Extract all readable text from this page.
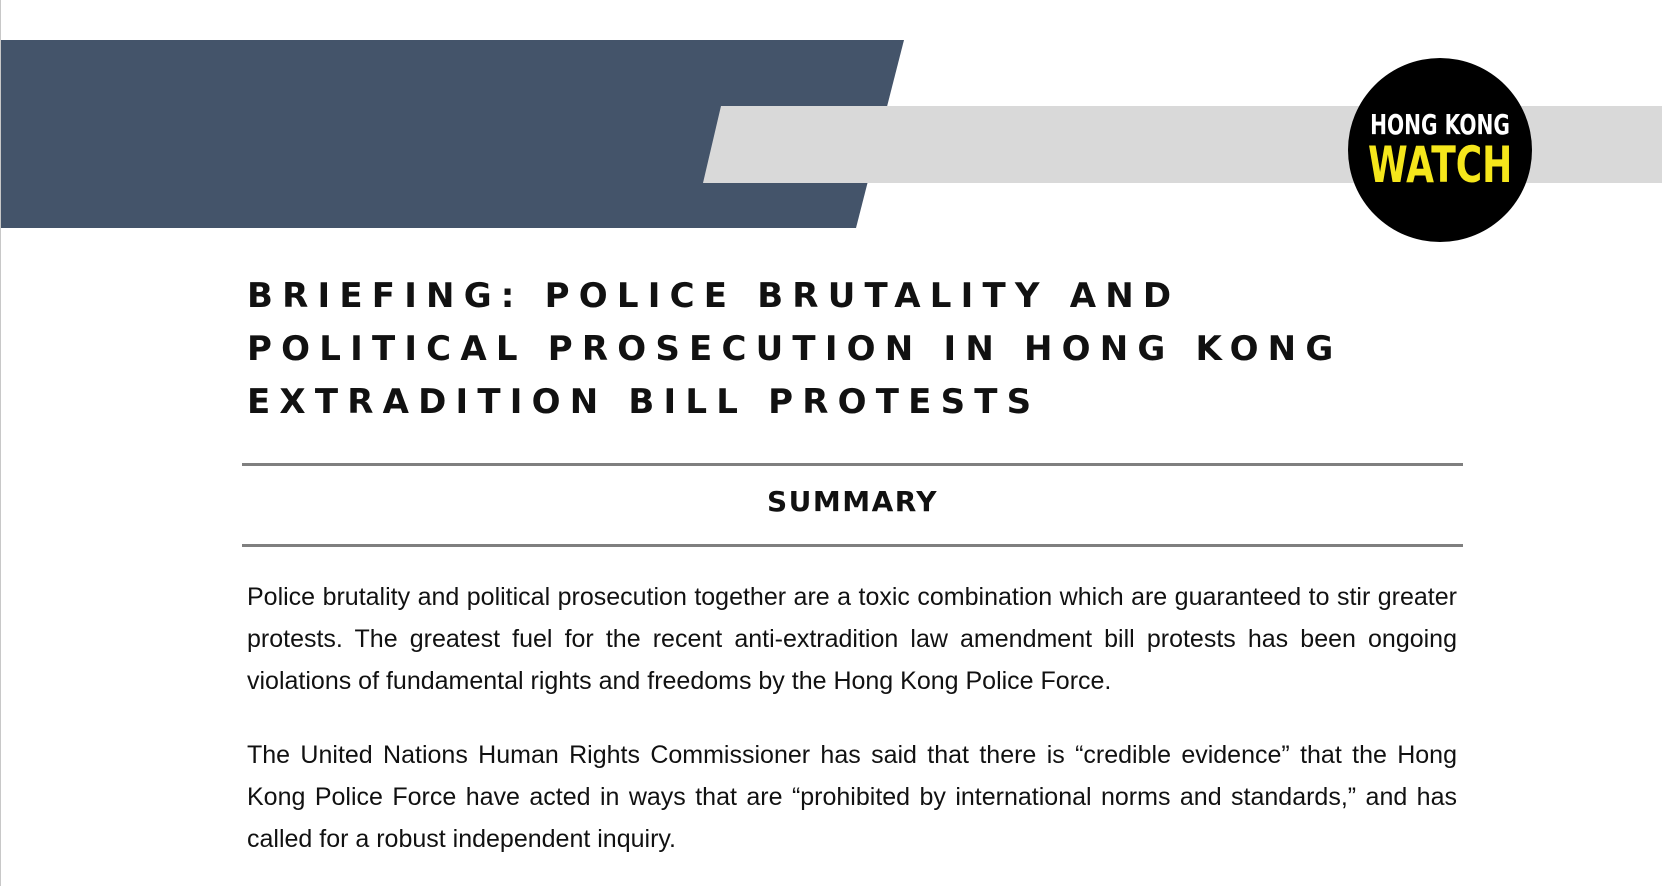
HONG KONG
WATCH
BRIEFING: POLICE BRUTALITY AND POLITICAL PROSECUTION IN HONG KONG EXTRADITION BILL PROTESTS
SUMMARY

Police brutality and political prosecution together are a toxic combination which are guaranteed to stir greater protests. The greatest fuel for the recent anti-extradition law amendment bill protests has been ongoing violations of fundamental rights and freedoms by the Hong Kong Police Force.

The United Nations Human Rights Commissioner has said that there is “credible evidence” that the Hong Kong Police Force have acted in ways that are “prohibited by international norms and standards,” and has called for a robust independent inquiry.
